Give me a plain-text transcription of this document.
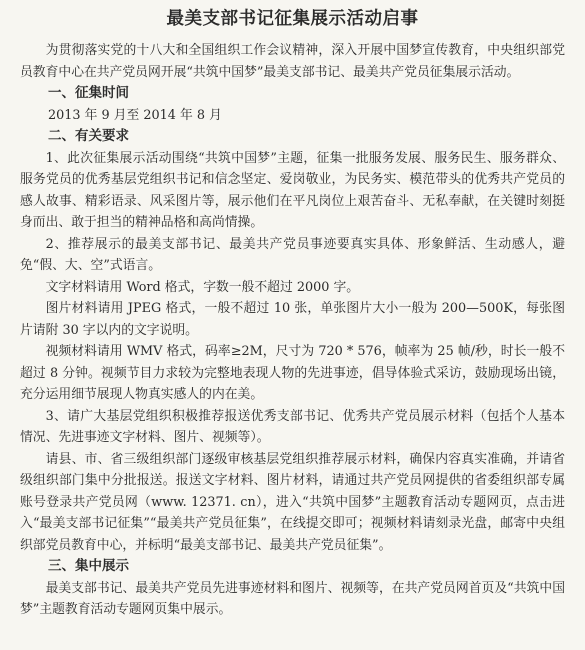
最美支部书记征集展示活动启事

为贯彻落实党的十八大和全国组织工作会议精神，深入开展中国梦宣传教育，中央组织部党员教育中心在共产党员网开展“共筑中国梦”最美支部书记、最美共产党员征集展示活动。

一、征集时间

2013 年 9 月至 2014 年 8 月

二、有关要求

1、此次征集展示活动围绕“共筑中国梦”主题，征集一批服务发展、服务民生、服务群众、服务党员的优秀基层党组织书记和信念坚定、爱岗敬业，为民务实、模范带头的优秀共产党员的感人故事、精彩语录、风采图片等，展示他们在平凡岗位上艰苦奋斗、无私奉献，在关键时刻挺身而出、敢于担当的精神品格和高尚情操。

2、推荐展示的最美支部书记、最美共产党员事迹要真实具体、形象鲜活、生动感人，避免“假、大、空”式语言。

文字材料请用 Word 格式，字数一般不超过 2000 字。

图片材料请用 JPEG 格式，一般不超过 10 张，单张图片大小一般为 200—500K，每张图片请附 30 字以内的文字说明。

视频材料请用 WMV 格式，码率≥2M，尺寸为 720 * 576，帧率为 25 帧/秒，时长一般不超过 8 分钟。视频节目力求较为完整地表现人物的先进事迹，倡导体验式采访，鼓励现场出镜，充分运用细节展现人物真实感人的内在美。

3、请广大基层党组织积极推荐报送优秀支部书记、优秀共产党员展示材料（包括个人基本情况、先进事迹文字材料、图片、视频等）。

请县、市、省三级组织部门逐级审核基层党组织推荐展示材料，确保内容真实准确，并请省级组织部门集中分批报送。报送文字材料、图片材料，请通过共产党员网提供的省委组织部专属账号登录共产党员网（www. 12371. cn），进入“共筑中国梦”主题教育活动专题网页，点击进入“最美支部书记征集”“最美共产党员征集”，在线提交即可；视频材料请刻录光盘，邮寄中央组织部党员教育中心，并标明“最美支部书记、最美共产党员征集”。

三、集中展示

最美支部书记、最美共产党员先进事迹材料和图片、视频等，在共产党员网首页及“共筑中国梦”主题教育活动专题网页集中展示。
